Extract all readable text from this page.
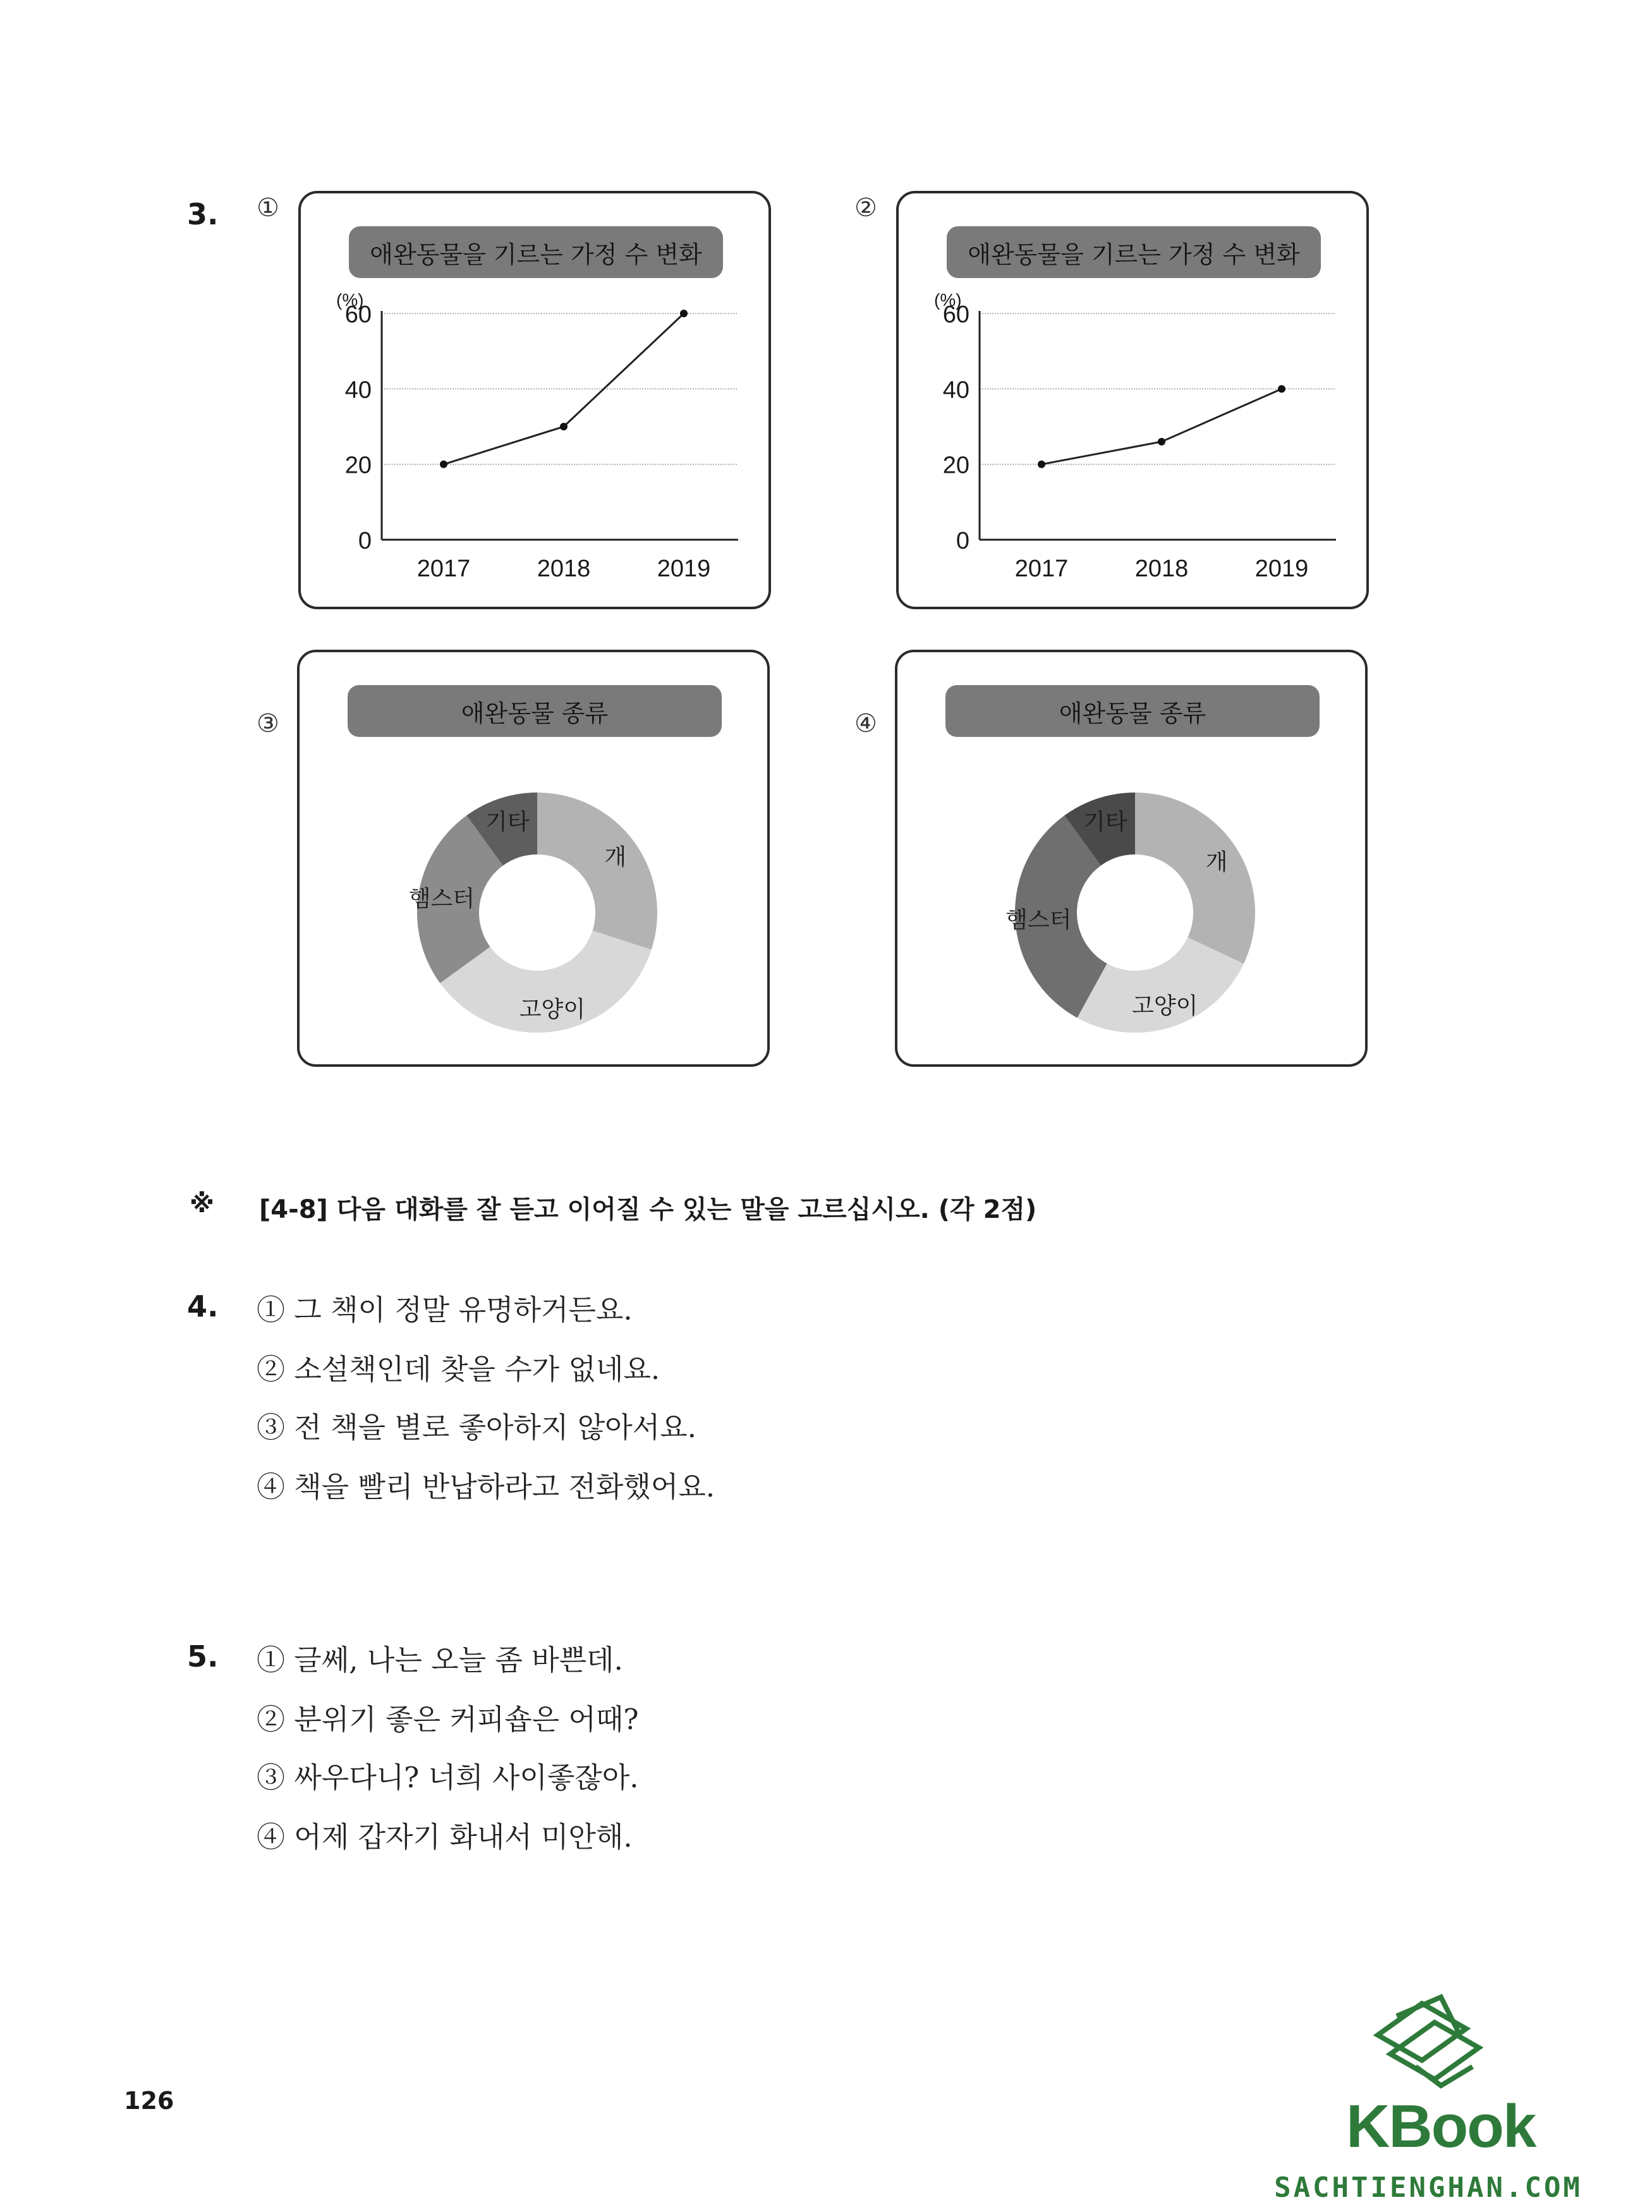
3. ①
애완동물을 기르는 가정 수 변화
(%)
0
20
40
60
2017	2018	2019
②
애완동물을 기르는 가정 수 변화
(%)
0
20
40
60
2017	2018	2019
③	애완동물 종류
개
고양이
햄스터
기타
④	애완동물 종류
개
고양이
햄스터
기타
※ [4-8] 다음 대화를 잘 듣고 이어질 수 있는 말을 고르십시오. (각 2점)
4. ① 그 책이 정말 유명하거든요.
② 소설책인데 찾을 수가 없네요.
③ 전 책을 별로 좋아하지 않아서요.
④ 책을 빨리 반납하라고 전화했어요.
5. ① 글쎄, 나는 오늘 좀 바쁜데.
② 분위기 좋은 커피숍은 어때?
③ 싸우다니? 너희 사이좋잖아.
④ 어제 갑자기 화내서 미안해.
126	KBook
SACHTIENGHAN.COM
